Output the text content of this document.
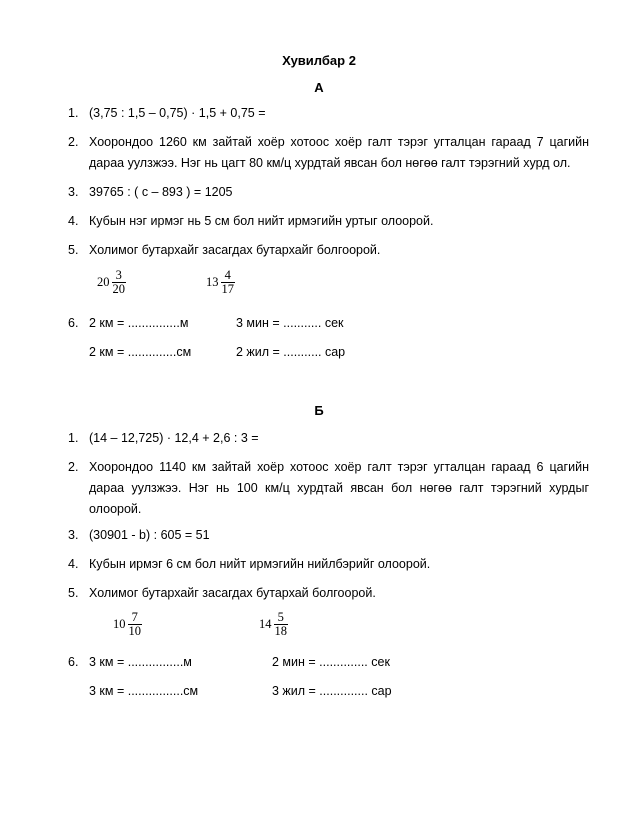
Хувилбар 2
А
1. (3,75 : 1,5 – 0,75) · 1,5 + 0,75 =
2. Хоорондоо 1260 км зайтай хоёр хотоос хоёр галт тэрэг угталцан гараад 7 цагийн
дараа уулзжээ. Нэг нь цагт 80 км/ц хурдтай явсан бол нөгөө галт тэрэгний хурд ол.
3. 39765 : ( с – 893 ) = 1205
4. Кубын нэг ирмэг нь 5 см бол нийт ирмэгийн уртыг олоорой.
5. Холимог бутархайг засагдах бутархайг болгоорой.
$20 \frac{3}{20}$	$13 \frac{4}{17}$
6. 2 км = ...............м	3 мин = ........... сек
2 км = ..............см	2 жил = ........... сар
Б
1. (14 – 12,725) · 12,4 + 2,6 : 3 =
2. Хоорондоо 1140 км зайтай хоёр хотоос хоёр галт тэрэг угталцан гараад 6 цагийн
дараа уулзжээ. Нэг нь 100 км/ц хурдтай явсан бол нөгөө галт тэрэгний хурдыг
олоорой.
3. (30901 - b) : 605 = 51
4. Кубын ирмэг 6 см бол нийт ирмэгийн нийлбэрийг олоорой.
5. Холимог бутархайг засагдах бутархай болгоорой.
$10 \frac{7}{10}$	$14 \frac{5}{18}$
6. 3 км = ................м	2 мин = .............. сек
3 км = ................см	3 жил = .............. сар
